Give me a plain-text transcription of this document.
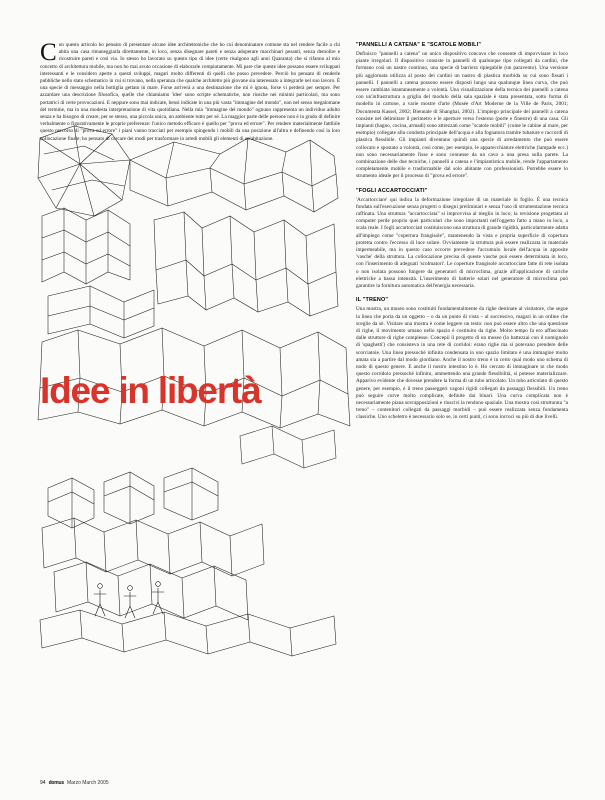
Idee in libertà

Con questo articolo ho pensato di presentare alcune idee architettoniche che ho cui denominatore comune sta nel rendere facile a chi abita una casa rimaneggiarla direttamente, in loco, senza disegnare pareti e senza adoperare macchinari pesanti, senza demolire e ricostruire pareti e così via. Io stesso ho lavorato su questo tipo di idee (certe risalgono agli anni Quaranta) che si rifanno al mio concetto di architettura mobile, ma non ho mai avuto occasione di elaborarle compiutamente. Mi pare che queste idee possano essere sviluppati interessanti e le considero aperte a questi sviluppi, magari molto differenti di quelli che posso prevedere. Perciò ho pensato di renderle pubbliche nello stato schematico in cui si trovano, nella speranza che qualche architetto più giovane sia interessato a integrarle nel suo lavoro. È una specie di messaggio nella bottiglia gettato in mare. Forse arriverà a una destinazione che mi è ignota, forse vi perderà per sempre. Per azzardare una descrizione filosofica, quelle che chiamiamo 'idee' sono scripte schematiche, non riusche nei minimi particolari, ma sono portatrici di certe provocazioni. E neppure sono mai indicate, bensì indicate in una più vasta "immagine del mondo", non nel senso megalomane del termine, ma in una modesta interpretazione di vita quotidiana. Nella mia "immagine del mondo" ognuno rappresenta un individuo adulto senza e ha bisogno di creare, per se stesso, una piccola unica, un ambiente tutto per sé. La maggior parte delle persone non è in grado di definire verbalmente o figurativamente le proprie preferenze: l'unico metodo efficace è quello per "prova ed errore". Per rendere materialmente fattibile questo percorso di "prova ed errore" i piani vanno tracciati per esempio spingendo i mobili da una posizione all'altra e definendo così la loro collocazione finale; ho pensato di cercare dei modi per trasformare in arredi mobili gli elementi di un'abitazione.

"PANNELLI A CATENA" E "SCATOLE MOBILI"

Definisco "pannelli a catena" un unico dispositivo concavo che consente di impovvisare in loco piante irregolari. Il dispositivo consiste in pannelli di qualunque tipo collegati da cardini, che formano così un nastro continuo, una specie di barriera ripiegabile (un paravento). Una versione più aggiornata utilizza al posto dei cardini un nastro di plastica morbida su cui sono fissati i pannelli. I pannelli a catena possono essere disposti lungo una qualunque linea curva, che può essere cambiata istantaneamente a volontà. Una visualizzazione della tecnica dei pannelli a catena con un'infrastruttura a griglia del modulo della sala spaziale è stata presentata, sotto forma di modello in cartone, a varie mostre d'arte (Musée d'Art Moderne de la Ville de Paris, 2001; Documenta Kassel, 2002; Biennale di Shanghai, 2002). L'impiego principale dei pannelli a catena consiste nel delimitare il perimetro e le aperture verso l'esterno (porte e finestre) di una casa. Gli impianti (bagno, cucina, armadi) sono attrezzati come "scatole mobili" (come le cabine al mare, per esempio) collegate alla condotta principale dell'acqua e alla fognatura tramite tubature e raccordi di plastica flessibile. Gli impianti diventano quindi una specie di arredamento che può essere collocato e spostato a volontà, così come, per esempio, le apparecchiature elettriche (lampade ecc.) non sono necessariamente fisse e sono connesse da un cavo a una presa sulla parete. La combinazione delle due tecniche, i pannelli a catena e l'impiantistica mobile, rende l'appartamento completamente mobile e trasformabile dal solo abitante con professionisti. Potrebbe essere lo strumento ideale per il processo di "prova ed errore".

"FOGLI ACCARTOCCIATI"

'Accartocciare' qui indica la deformazione irregolare di un materiale in foglio. È una tecnica fondata sull'esecuzione senza progetti o disegni preliminari e senza l'uso di strumentazione tecnica raffinata. Una struttura "accartocciata" si improvvisa al meglio in loco; la revisione progettata al computer perde proprio quei particolari che sono importanti nell'oggetto fatto a mano in loco, a scala reale. I fogli accartocciati costituiscono una struttura di grande rigidità, particolarmente adatta all'impiego come "copertura frangisole", mantenendo la vista e propria superficie di copertura protetta contro l'eccesso di luce solare. Ovviamente la struttura può essere realizzata in materiale impermeabile, ma in questo caso occorre prevedere l'accumulo locale dell'acqua in apposite 'vasche' della struttura. La collocazione precisa di queste vasche può essere determinata in loco, con l'inserimento di adeguati 'scolmatori'. Le coperture frangisole accartocciate fatte di rete isolata o non isolata possono fungere da generatori di microclima, grazie all'applicazione di cariche elettriche a bassa intensità. L'inserimento di batterie solari nel generatore di microclima può garantire la fornitura automatica dell'energia necessaria.

IL "TRENO"

Una mostra, un museo sono costituiti fondamentalmente da righe destinate al visitatore, che segue la linea che porta da un oggetto – o da un punto di vista – al successivo, magari in un ordine che sceglie da sé. Visitare una mostra è come leggere un testo: non può essere altro che una questione di righe, il movimento umano nello spazio è costituito da righe. Molto tempo fa ero affascinato dalle strutture di righe complesse. Concepii il progetto di un museo (lo battezzai con il nomignolo di 'spaghetti') che consisteva in una rete di corridoi: erano righe ma si potevano prendere delle scorciatoie. Una linea pressoché infinita condensata in uno spazio limitato è una immagine molto amata sia a partire dal modo giordiano. Anche il nostro treno è in certo qual modo uno schema di nodo di questo genere. E anche il nostro intestino lo è. Ho cercato di immaginare in che modo questo corridoio pressoché infinito, ammettendo una grande flessibilità, si potesse materializzare. Apparivo evidente che dovesse prendere la forma di un tubo articolato. Un tubo articolato di questo genere, per esempio, è il treno passeggeri vagoni rigidi collegati da passaggi flessibili. Un treno può seguire curve molto complicate, definite dai binari. Una curva complicata non è necessariamente piana sovrapposizioni e riuscivi la rendono spaziale. Una mostra così strutturata "a treno" – contenitori collegati da passaggi morbidi – può essere realizzata senza fondamenta classiche. Uno scheletro è necessario solo se, in certi punti, ci sono incroci su più di due livelli.

94 domus Marzo March 2005
